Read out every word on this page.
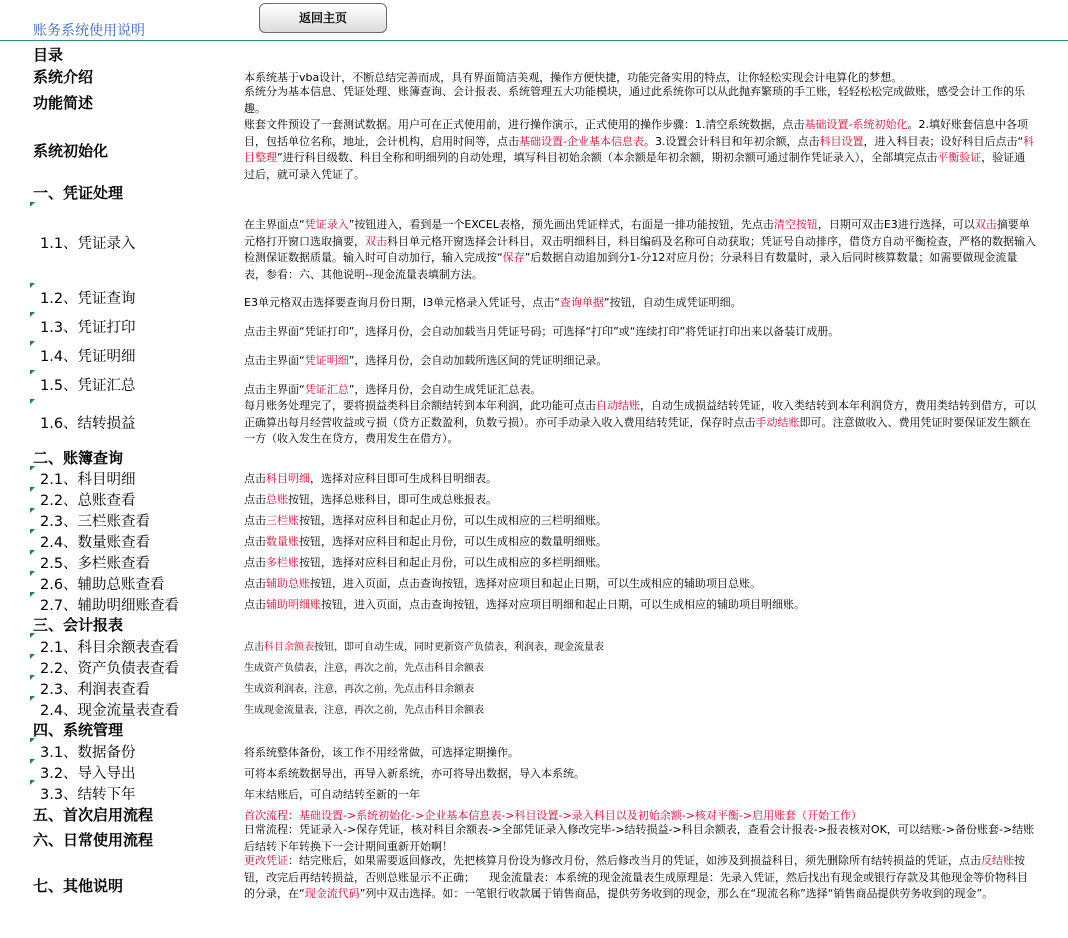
账务系统使用说明
返回主页
目录
系统介绍
功能简述
系统初始化
一、凭证处理
1.1、凭证录入
1.2、凭证查询
1.3、凭证打印
1.4、凭证明细
1.5、凭证汇总
1.6、结转损益
二、账簿查询
2.1、科目明细
2.2、总账查看
2.3、三栏账查看
2.4、数量账查看
2.5、多栏账查看
2.6、辅助总账查看
2.7、辅助明细账查看
三、会计报表
2.1、科目余额表查看
2.2、资产负债表查看
2.3、利润表查看
2.4、现金流量表查看
四、系统管理
3.1、数据备份
3.2、导入导出
3.3、结转下年
五、首次启用流程
六、日常使用流程
七、其他说明
本系统基于vba设计，不断总结完善而成，具有界面简洁美观，操作方便快捷，功能完备实用的特点，让你轻松实现会计电算化的梦想。
系统分为基本信息、凭证处理、账簿查询、会计报表、系统管理五大功能模块，通过此系统你可以从此抛弃繁琐的手工账，轻轻松松完成做账，感受会计工作的乐趣。
账套文件预设了一套测试数据。用户可在正式使用前，进行操作演示，正式使用的操作步骤：1.清空系统数据，点击基础设置-系统初始化。2.填好账套信息中各项目，包括单位名称，地址，会计机构，启用时间等，点击基础设置-企业基本信息表。3.设置会计科目和年初余额，点击科目设置，进入科目表；设好科目后点击“科目整理”进行科目级数、科目全称和明细列的自动处理，填写科目初始余额（本余额是年初余额，期初余额可通过制作凭证录入），全部填完点击平衡验证，验证通过后，就可录入凭证了。
在主界面点“凭证录入”按钮进入，看到是一个EXCEL表格，预先画出凭证样式，右面是一排功能按钮，先点击清空按钮，日期可双击E3进行选择，可以双击摘要单元格打开窗口选取摘要，双击科目单元格开窗选择会计科目，双击明细科目，科目编码及名称可自动获取；凭证号自动排序，借贷方自动平衡检查，严格的数据输入检测保证数据质量。输入时可自动加行，输入完成按“保存”后数据自动追加到分1-分12对应月份；分录科目有数量时，录入后同时核算数量；如需要做现金流量表，参看：六、其他说明--现金流量表填制方法。
E3单元格双击选择要查询月份日期，I3单元格录入凭证号，点击“查询单据”按钮，自动生成凭证明细。
点击主界面“凭证打印”，选择月份，会自动加载当月凭证号码；可选择“打印”或“连续打印”将凭证打印出来以备装订成册。
点击主界面“凭证明细”，选择月份，会自动加载所选区间的凭证明细记录。
点击主界面“凭证汇总”，选择月份，会自动生成凭证汇总表。
每月账务处理完了，要将损益类科目余额结转到本年利润，此功能可点击自动结账，自动生成损益结转凭证，收入类结转到本年利润贷方，费用类结转到借方，可以正确算出每月经营收益或亏损（贷方正数盈利，负数亏损）。亦可手动录入收入费用结转凭证，保存时点击手动结账即可。注意做收入、费用凭证时要保证发生额在一方（收入发生在贷方，费用发生在借方）。
点击科目明细，选择对应科目即可生成科目明细表。
点击总账按钮，选择总账科目，即可生成总账报表。
点击三栏账按钮，选择对应科目和起止月份，可以生成相应的三栏明细账。
点击数量账按钮，选择对应科目和起止月份，可以生成相应的数量明细账。
点击多栏账按钮，选择对应科目和起止月份，可以生成相应的多栏明细账。
点击辅助总账按钮，进入页面，点击查询按钮，选择对应项目和起止日期，可以生成相应的辅助项目总账。
点击辅助明细账按钮，进入页面，点击查询按钮，选择对应项目明细和起止日期，可以生成相应的辅助项目明细账。
点击科目余额表按钮，即可自动生成，同时更新资产负债表，利润表，现金流量表
生成资产负债表，注意，再次之前，先点击科目余额表
生成资利润表，注意，再次之前，先点击科目余额表
生成现金流量表，注意，再次之前，先点击科目余额表
将系统整体备份，该工作不用经常做，可选择定期操作。
可将本系统数据导出，再导入新系统，亦可将导出数据，导入本系统。
年末结账后，可自动结转至新的一年
首次流程：基础设置->系统初始化->企业基本信息表->科目设置->录入科目以及初始余额->核对平衡->启用账套（开始工作）
日常流程：凭证录入->保存凭证，核对科目余额表->全部凭证录入修改完毕->结转损益->科目余额表，查看会计报表->报表核对OK，可以结账->备份账套->结账后结转下年转换下一会计期间重新开始啊！
更改凭证：结完账后，如果需要返回修改，先把核算月份设为修改月份，然后修改当月的凭证，如涉及到损益科目，须先删除所有结转损益的凭证，点击反结账按钮，改完后再结转损益，否则总账显示不正确；    现金流量表：本系统的现金流量表生成原理是：先录入凭证，然后找出有现金或银行存款及其他现金等价物科目的分录，在“现金流代码”列中双击选择。如：一笔银行收款属于销售商品，提供劳务收到的现金，那么在“现流名称”选择“销售商品提供劳务收到的现金”。
